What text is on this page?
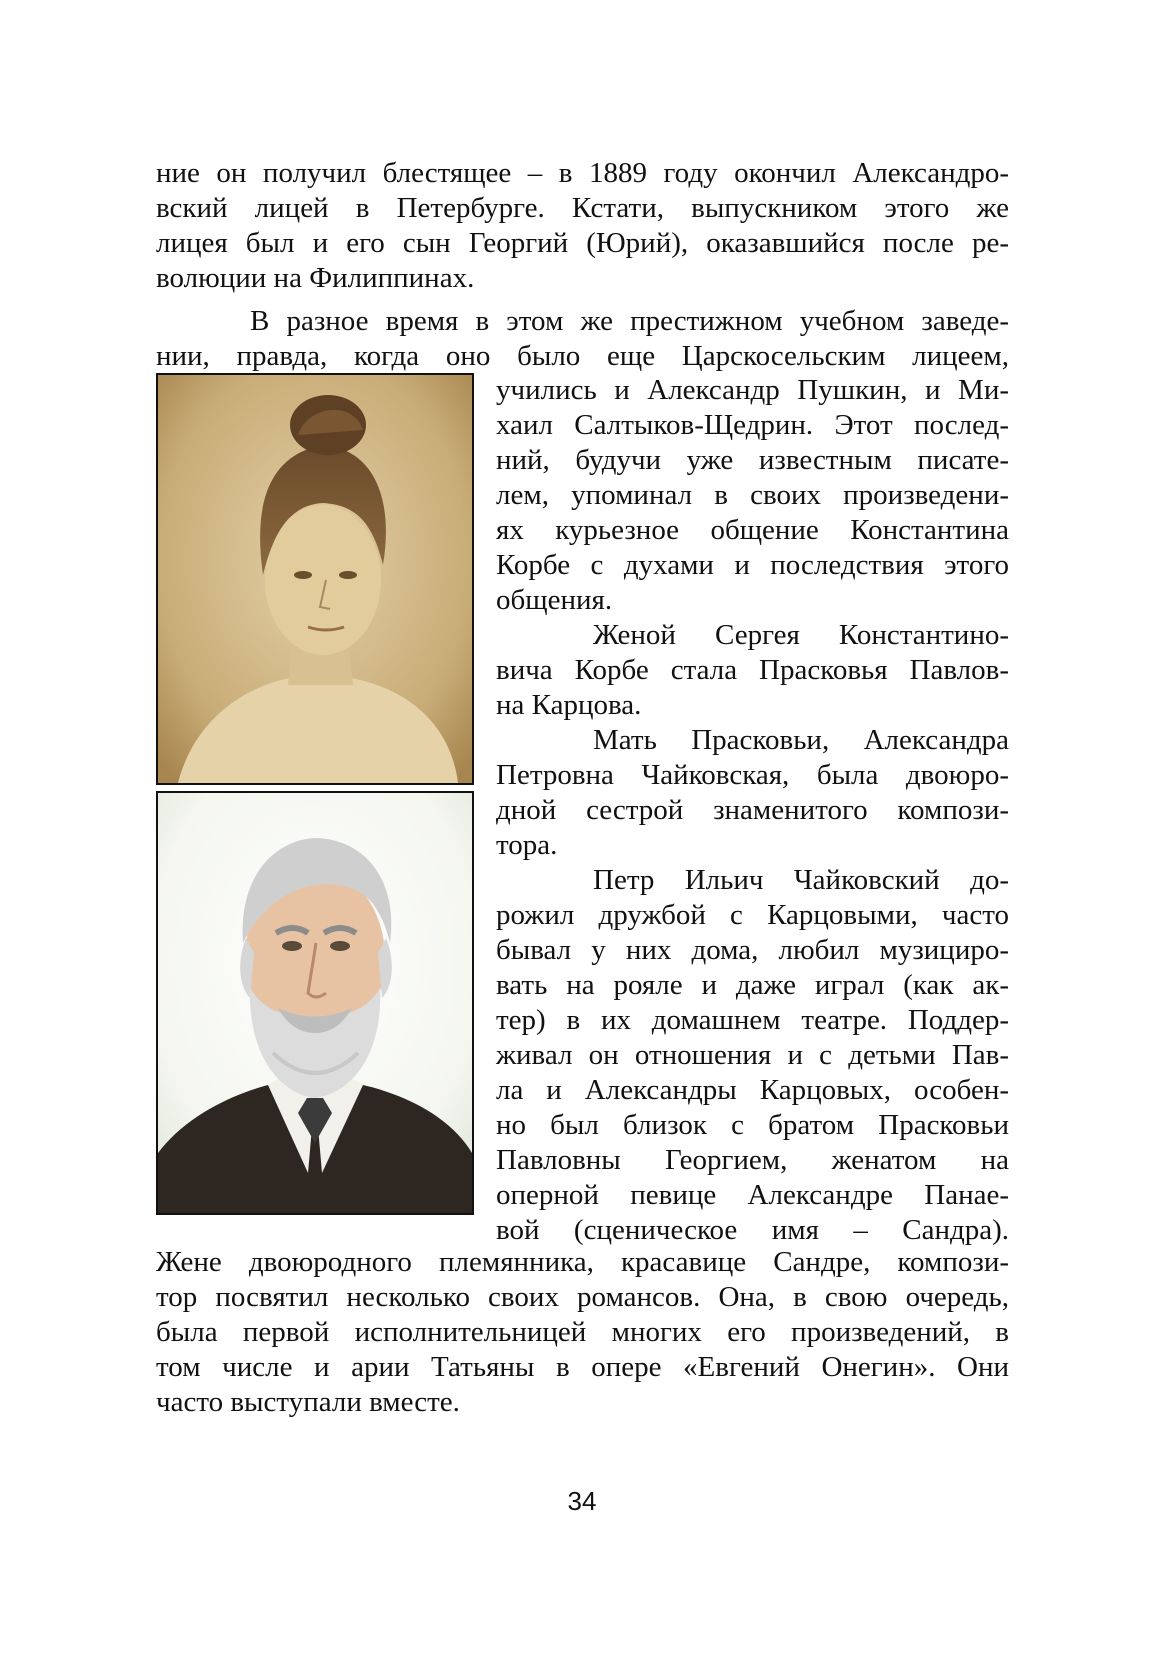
ние он получил блестящее – в 1889 году окончил Александро-
вский лицей в Петербурге. Кстати, выпускником этого же
лицея был и его сын Георгий (Юрий), оказавшийся после ре-
волюции на Филиппинах.
В разное время в этом же престижном учебном заведе-
нии, правда, когда оно было еще Царскосельским лицеем,
учились и Александр Пушкин, и Ми-
хаил Салтыков-Щедрин. Этот послед-
ний, будучи уже известным писате-
лем, упоминал в своих произведени-
ях курьезное общение Константина
Корбе с духами и последствия этого
общения.
Женой Сергея Константино-
вича Корбе стала Прасковья Павлов-
на Карцова.
Мать Прасковьи, Александра
Петровна Чайковская, была двоюро-
дной сестрой знаменитого компози-
тора.
Петр Ильич Чайковский до-
рожил дружбой с Карцовыми, часто
бывал у них дома, любил музициро-
вать на рояле и даже играл (как ак-
тер) в их домашнем театре. Поддер-
живал он отношения и с детьми Пав-
ла и Александры Карцовых, особен-
но был близок с братом Прасковьи
Павловны Георгием, женатом на
оперной певице Александре Панае-
вой (сценическое имя – Сандра).
Жене двоюродного племянника, красавице Сандре, компози-
тор посвятил несколько своих романсов. Она, в свою очередь,
была первой исполнительницей многих его произведений, в
том числе и арии Татьяны в опере «Евгений Онегин». Они
часто выступали вместе.
34
